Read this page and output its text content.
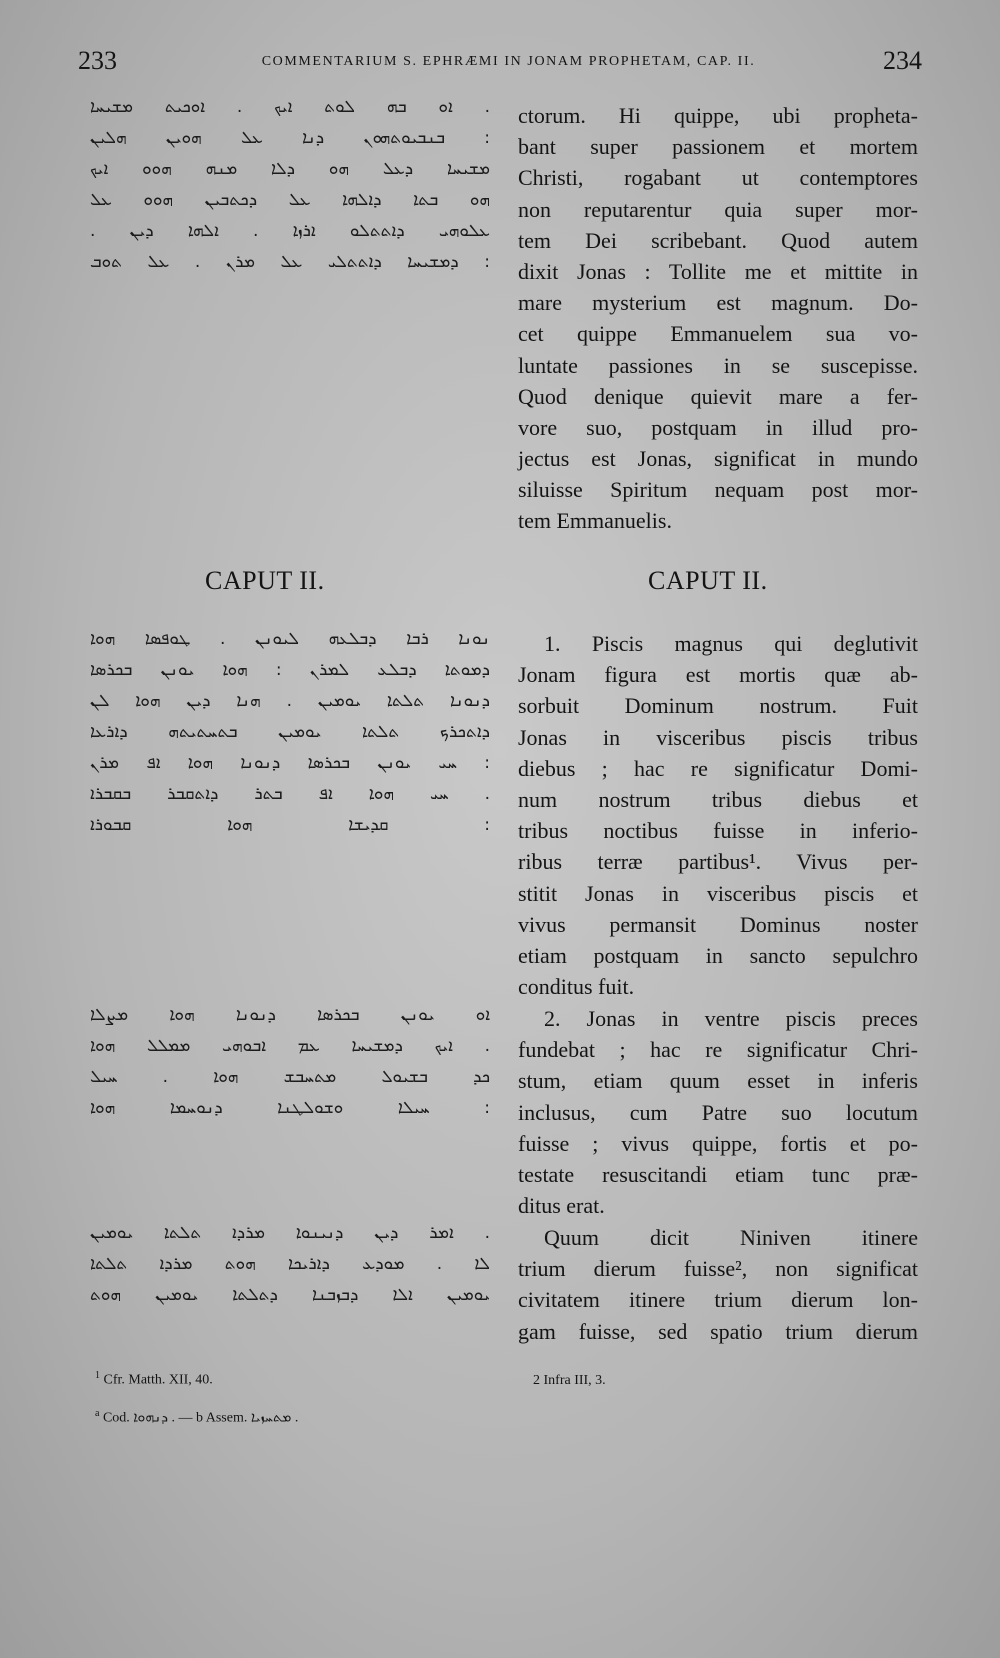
233	COMMENTARIUM S. EPHRÆMI IN JONAM PROPHETAM, CAP. II.	234
. ܐܘ ܒܗ ܠܘܬ ܐܝܟ . ܐܘܟܝܬ ܡܫܝܚܐ
: ܒܢܒܝܘܬܗܘܢ ܕܢܐ ܥܠ ܗܘܝܢ ܗܠܝܢ
ܡܫܝܚܐ ܕܥܠ ܗܘ ܕܠܐ ܡܢܗ ܗܘܘ ܐܝܟ
ܗܘ ܒܬܐ ܕܐܠܗܐ ܥܠ ܕܟܬܒܝܢ ܗܘܘ ܥܠ
ܥܠܘܗܝ ܕܐܬܬܠܘ ܐܪܙܐ . ܐܠܗܐ ܕܝܢ .
: ܕܡܫܝܚܐ ܕܐܬܬܠܝ ܥܠ ܡܪܢ . ܥܠ ܬܘܒ
CAPUT II.
ܢܘܢܐ ܪܒܐ ܕܒܠܥܗ ܠܝܘܢܢ . ܛܘܦܣܐ ܗܘܐ
ܕܡܘܬܐ ܕܒܠܥ ܠܡܪܢ : ܗܘܐ ܝܘܢܢ ܒܟܪܣܐ
ܕܢܘܢܐ ܬܠܬܐ ܝܘܡܝܢ . ܗܢܐ ܕܝܢ ܗܘܐ ܠܢ
ܕܐܬܟܪܟ ܬܠܬܐ ܝܘܡܝܢ ܒܬܚܬܝܬܗ ܕܐܪܥܐ
: ܚܝ ܝܘܢܢ ܒܟܪܣܐ ܕܢܘܢܐ ܗܘܐ ܐܦ ܡܪܢ
. ܚܝ ܗܘܐ ܐܦ ܒܬܪ ܕܐܬܩܒܪ ܒܩܒܪܐ
: ܩܕܝܫܐ ܗܘܐ ܩܒܘܪܐ
ܐܘ ܝܘܢܢ ܒܟܪܣܐ ܕܢܘܢܐ ܗܘܐ ܡܨܠܐ
. ܐܝܟ ܕܡܫܝܚܐ ܥܡ ܐܒܘܗܝ ܡܡܠܠ ܗܘܐ
ܟܕ ܒܫܝܘܠ ܡܬܚܒܫ ܗܘܐ . ܚܝܠ
: ܚܝܠܐ ܘܫܘܠܛܢܐ ܕܢܘܚܡܐ ܗܘܐ
. ܐܡܪ ܕܝܢ ܕܢܝܢܘܐ ܡܪܕܐ ܬܠܬܐ ܝܘܡܝܢ
ܠܐ . ܡܘܕܥ ܕܐܪܝܟܐ ܗܘܬ ܡܪܕܐ ܬܠܬܐ
ܝܘܡܝܢ ܐܠܐ ܕܒܙܒܢܐ ܕܬܠܬܐ ܝܘܡܝܢ ܗܘܬ
$^1$ Cfr. Matth. XII, 40.
$^a$ Cod. ܕܢܗܘܐ . — b Assem. ܡܬܚܙܝܐ .
ctorum. Hi quippe, ubi propheta-
bant super passionem et mortem
Christi, rogabant ut contemptores
non reputarentur quia super mor-
tem Dei scribebant. Quod autem
dixit Jonas : Tollite me et mittite in
mare mysterium est magnum. Do-
cet quippe Emmanuelem sua vo-
luntate passiones in se suscepisse.
Quod denique quievit mare a fer-
vore suo, postquam in illud pro-
jectus est Jonas, significat in mundo
siluisse Spiritum nequam post mor-
tem Emmanuelis.
CAPUT II.
1. Piscis magnus qui deglutivit
Jonam figura est mortis quæ ab-
sorbuit Dominum nostrum. Fuit
Jonas in visceribus piscis tribus
diebus ; hac re significatur Domi-
num nostrum tribus diebus et
tribus noctibus fuisse in inferio-
ribus terræ partibus¹. Vivus per-
stitit Jonas in visceribus piscis et
vivus permansit Dominus noster
etiam postquam in sancto sepulchro
conditus fuit.
2. Jonas in ventre piscis preces
fundebat ; hac re significatur Chri-
stum, etiam quum esset in inferis
inclusus, cum Patre suo locutum
fuisse ; vivus quippe, fortis et po-
testate resuscitandi etiam tunc præ-
ditus erat.
Quum dicit Niniven itinere
trium dierum fuisse², non significat
civitatem itinere trium dierum lon-
gam fuisse, sed spatio trium dierum
2 Infra III, 3.
